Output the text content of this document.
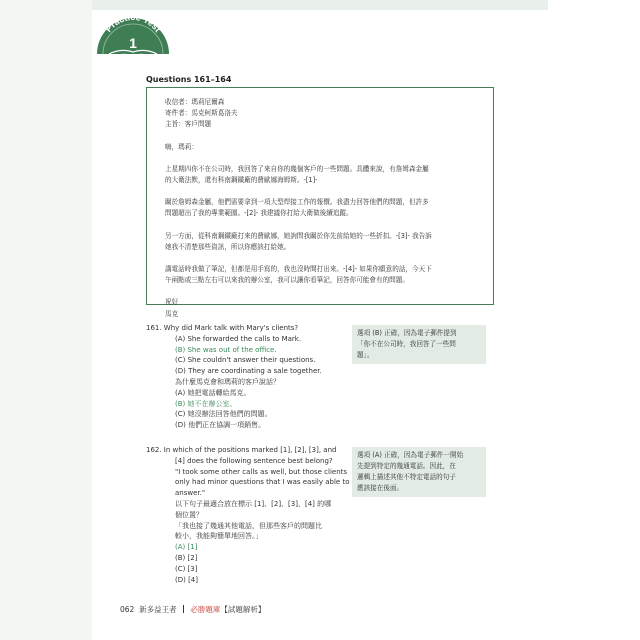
Practice Test
1
Questions 161–164
收信者：瑪莉尼爾森
寄件者：馬克柯斯葛洛夫
主旨：客戶問題
嗨，瑪莉：
上星期四你不在公司時，我回答了來自你的幾個客戶的一些問題。具體來說，有詹姆森金屬
的大衛法默，還有科南鋼鐵廠的費歐娜海姆斯。-[1]-
關於詹姆森金屬，他們需要拿到一項大型焊接工作的報價。我盡力回答他們的問題，但許多
問題超出了我的專業範圍。-[2]- 我建議你打給大衛做後續追蹤。
另一方面，從科南鋼鐵廠打來的費歐娜，她詢問我關於你先前給她的一些折扣。-[3]- 我告訴
她我不清楚那些資訊，所以你應該打給她。
講電話時我做了筆記，但都是用手寫的，我也沒時間打出來。-[4]- 如果你願意的話，今天下
午兩點或三點左右可以來我的辦公室，我可以讓你看筆記，回答你可能會有的問題。
祝好
馬克
161. Why did Mark talk with Mary's clients?
(A) She forwarded the calls to Mark.
(B) She was out of the office.
(C) She couldn't answer their questions.
(D) They are coordinating a sale together.
為什麼馬克會和瑪莉的客戶說話？
(A) 她把電話轉給馬克。
(B) 她不在辦公室。
(C) 她沒辦法回答他們的問題。
(D) 他們正在協調一項銷售。
選項 (B) 正確，因為電子郵件提到
「你不在公司時，我回答了一些問
題」。
162. In which of the positions marked [1], [2], [3], and
[4] does the following sentence best belong?
"I took some other calls as well, but those clients
only had minor questions that I was easily able to
answer."
以下句子最適合放在標示 [1]、[2]、[3]、[4] 的哪
個位置？
「我也接了幾通其他電話，但那些客戶的問題比
較小，我能夠簡單地回答。」
(A) [1]
(B) [2]
(C) [3]
(D) [4]
選項 (A) 正確，因為電子郵件一開始
先提到特定的幾通電話。因此，在
邏輯上描述其他不特定電話的句子
應該接在後面。
062 新多益王者 必勝題庫【試題解析】
